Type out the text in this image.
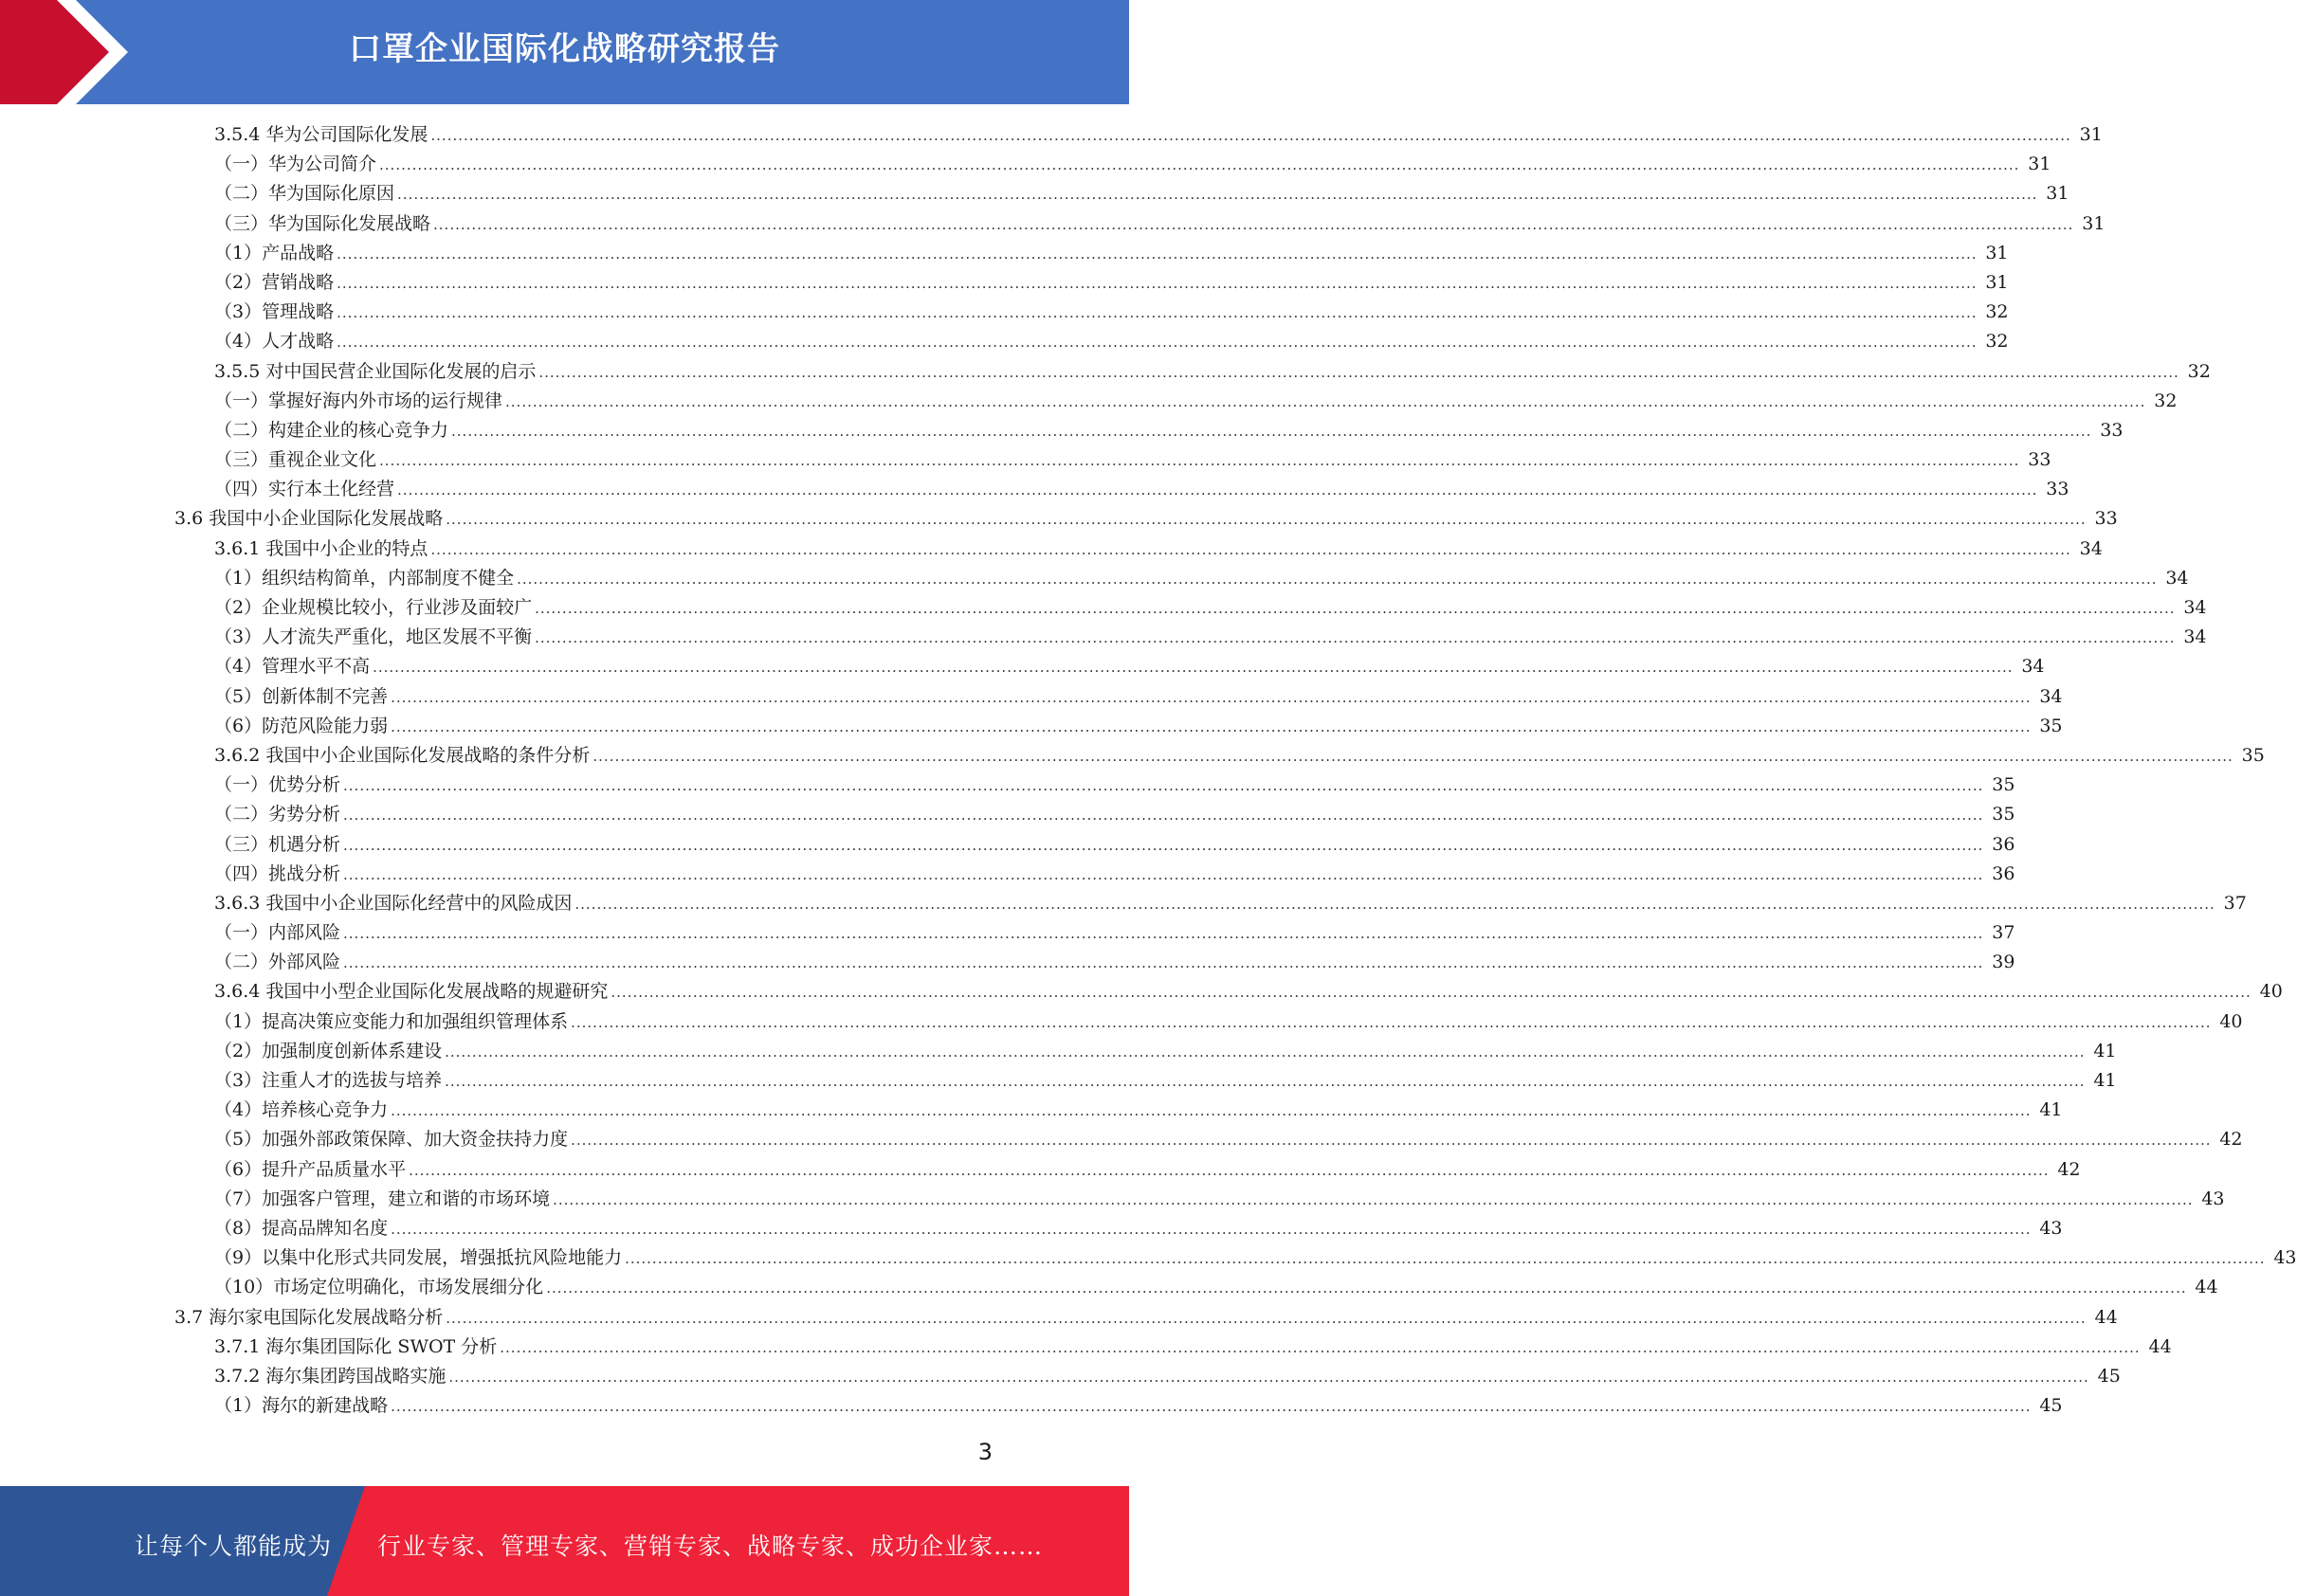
口罩企业国际化战略研究报告
3.5.4 华为公司国际化发展 ............................................................................................................................................................................................................................................................................................................ 31
（一）华为公司简介 ............................................................................................................................................................................................................................................................................................................ 31
（二）华为国际化原因 ............................................................................................................................................................................................................................................................................................................ 31
（三）华为国际化发展战略 ............................................................................................................................................................................................................................................................................................................ 31
（1）产品战略 ............................................................................................................................................................................................................................................................................................................ 31
（2）营销战略 ............................................................................................................................................................................................................................................................................................................ 31
（3）管理战略 ............................................................................................................................................................................................................................................................................................................ 32
（4）人才战略 ............................................................................................................................................................................................................................................................................................................ 32
3.5.5 对中国民营企业国际化发展的启示 ............................................................................................................................................................................................................................................................................................................ 32
（一）掌握好海内外市场的运行规律 ............................................................................................................................................................................................................................................................................................................ 32
（二）构建企业的核心竞争力 ............................................................................................................................................................................................................................................................................................................ 33
（三）重视企业文化 ............................................................................................................................................................................................................................................................................................................ 33
（四）实行本土化经营 ............................................................................................................................................................................................................................................................................................................ 33
3.6 我国中小企业国际化发展战略 ............................................................................................................................................................................................................................................................................................................ 33
3.6.1 我国中小企业的特点 ............................................................................................................................................................................................................................................................................................................ 34
（1）组织结构简单，内部制度不健全 ............................................................................................................................................................................................................................................................................................................ 34
（2）企业规模比较小，行业涉及面较广 ............................................................................................................................................................................................................................................................................................................ 34
（3）人才流失严重化，地区发展不平衡 ............................................................................................................................................................................................................................................................................................................ 34
（4）管理水平不高 ............................................................................................................................................................................................................................................................................................................ 34
（5）创新体制不完善 ............................................................................................................................................................................................................................................................................................................ 34
（6）防范风险能力弱 ............................................................................................................................................................................................................................................................................................................ 35
3.6.2 我国中小企业国际化发展战略的条件分析 ............................................................................................................................................................................................................................................................................................................ 35
（一）优势分析 ............................................................................................................................................................................................................................................................................................................ 35
（二）劣势分析 ............................................................................................................................................................................................................................................................................................................ 35
（三）机遇分析 ............................................................................................................................................................................................................................................................................................................ 36
（四）挑战分析 ............................................................................................................................................................................................................................................................................................................ 36
3.6.3 我国中小企业国际化经营中的风险成因 ............................................................................................................................................................................................................................................................................................................ 37
（一）内部风险 ............................................................................................................................................................................................................................................................................................................ 37
（二）外部风险 ............................................................................................................................................................................................................................................................................................................ 39
3.6.4 我国中小型企业国际化发展战略的规避研究 ............................................................................................................................................................................................................................................................................................................ 40
（1）提高决策应变能力和加强组织管理体系 ............................................................................................................................................................................................................................................................................................................ 40
（2）加强制度创新体系建设 ............................................................................................................................................................................................................................................................................................................ 41
（3）注重人才的选拔与培养 ............................................................................................................................................................................................................................................................................................................ 41
（4）培养核心竞争力 ............................................................................................................................................................................................................................................................................................................ 41
（5）加强外部政策保障、加大资金扶持力度 ............................................................................................................................................................................................................................................................................................................ 42
（6）提升产品质量水平 ............................................................................................................................................................................................................................................................................................................ 42
（7）加强客户管理，建立和谐的市场环境 ............................................................................................................................................................................................................................................................................................................ 43
（8）提高品牌知名度 ............................................................................................................................................................................................................................................................................................................ 43
（9）以集中化形式共同发展，增强抵抗风险地能力 ............................................................................................................................................................................................................................................................................................................ 43
（10）市场定位明确化，市场发展细分化 ............................................................................................................................................................................................................................................................................................................ 44
3.7 海尔家电国际化发展战略分析 ............................................................................................................................................................................................................................................................................................................ 44
3.7.1 海尔集团国际化 SWOT 分析 ............................................................................................................................................................................................................................................................................................................ 44
3.7.2 海尔集团跨国战略实施 ............................................................................................................................................................................................................................................................................................................ 45
（1）海尔的新建战略 ............................................................................................................................................................................................................................................................................................................ 45
3
让每个人都能成为 行业专家、管理专家、营销专家、战略专家、成功企业家……
